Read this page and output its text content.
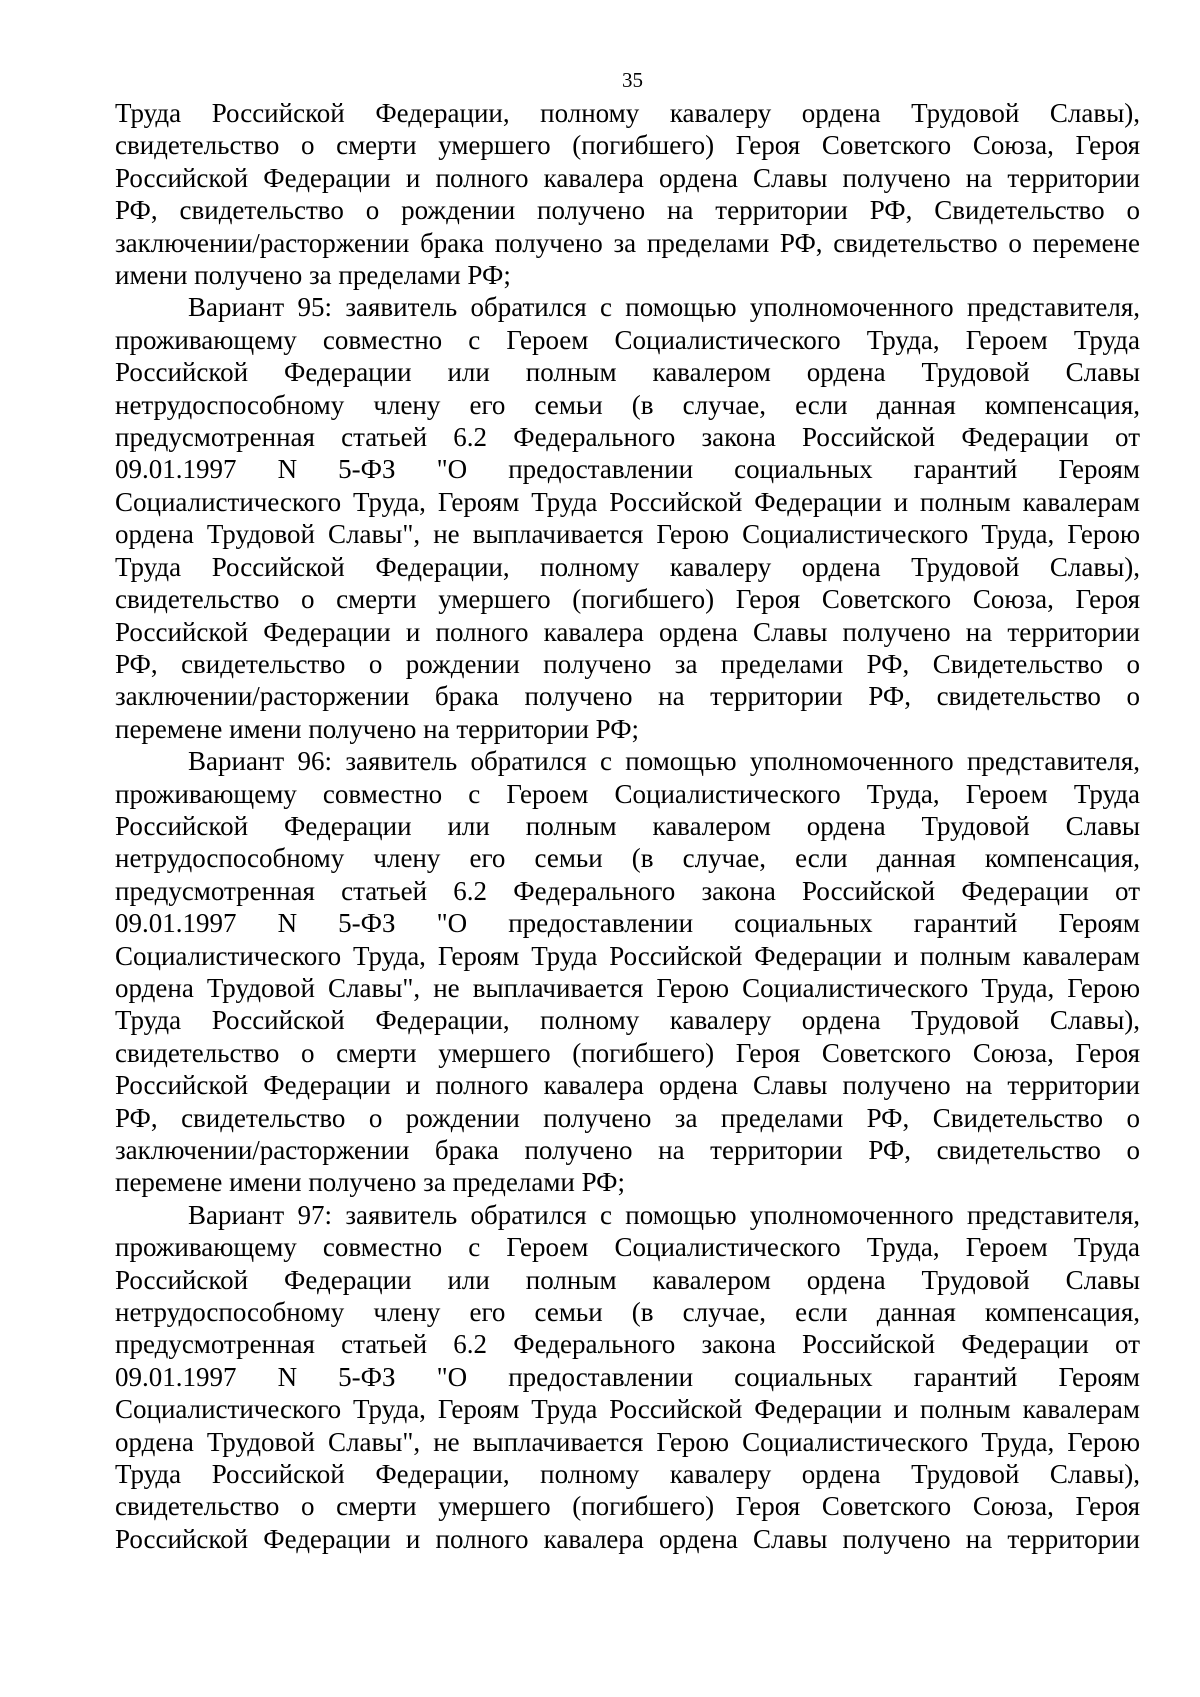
35

Труда Российской Федерации, полному кавалеру ордена Трудовой Славы),

свидетельство о смерти умершего (погибшего) Героя Советского Союза, Героя

Российской Федерации и полного кавалера ордена Славы получено на территории

РФ, свидетельство о рождении получено на территории РФ, Свидетельство о

заключении/расторжении брака получено за пределами РФ, свидетельство о перемене

имени получено за пределами РФ;

Вариант 95: заявитель обратился с помощью уполномоченного представителя,

проживающему совместно с Героем Социалистического Труда, Героем Труда

Российской Федерации или полным кавалером ордена Трудовой Славы

нетрудоспособному члену его семьи (в случае, если данная компенсация,

предусмотренная статьей 6.2 Федерального закона Российской Федерации от

09.01.1997 N 5-ФЗ "О предоставлении социальных гарантий Героям

Социалистического Труда, Героям Труда Российской Федерации и полным кавалерам

ордена Трудовой Славы", не выплачивается Герою Социалистического Труда, Герою

Труда Российской Федерации, полному кавалеру ордена Трудовой Славы),

свидетельство о смерти умершего (погибшего) Героя Советского Союза, Героя

Российской Федерации и полного кавалера ордена Славы получено на территории

РФ, свидетельство о рождении получено за пределами РФ, Свидетельство о

заключении/расторжении брака получено на территории РФ, свидетельство о

перемене имени получено на территории РФ;

Вариант 96: заявитель обратился с помощью уполномоченного представителя,

проживающему совместно с Героем Социалистического Труда, Героем Труда

Российской Федерации или полным кавалером ордена Трудовой Славы

нетрудоспособному члену его семьи (в случае, если данная компенсация,

предусмотренная статьей 6.2 Федерального закона Российской Федерации от

09.01.1997 N 5-ФЗ "О предоставлении социальных гарантий Героям

Социалистического Труда, Героям Труда Российской Федерации и полным кавалерам

ордена Трудовой Славы", не выплачивается Герою Социалистического Труда, Герою

Труда Российской Федерации, полному кавалеру ордена Трудовой Славы),

свидетельство о смерти умершего (погибшего) Героя Советского Союза, Героя

Российской Федерации и полного кавалера ордена Славы получено на территории

РФ, свидетельство о рождении получено за пределами РФ, Свидетельство о

заключении/расторжении брака получено на территории РФ, свидетельство о

перемене имени получено за пределами РФ;

Вариант 97: заявитель обратился с помощью уполномоченного представителя,

проживающему совместно с Героем Социалистического Труда, Героем Труда

Российской Федерации или полным кавалером ордена Трудовой Славы

нетрудоспособному члену его семьи (в случае, если данная компенсация,

предусмотренная статьей 6.2 Федерального закона Российской Федерации от

09.01.1997 N 5-ФЗ "О предоставлении социальных гарантий Героям

Социалистического Труда, Героям Труда Российской Федерации и полным кавалерам

ордена Трудовой Славы", не выплачивается Герою Социалистического Труда, Герою

Труда Российской Федерации, полному кавалеру ордена Трудовой Славы),

свидетельство о смерти умершего (погибшего) Героя Советского Союза, Героя

Российской Федерации и полного кавалера ордена Славы получено на территории
